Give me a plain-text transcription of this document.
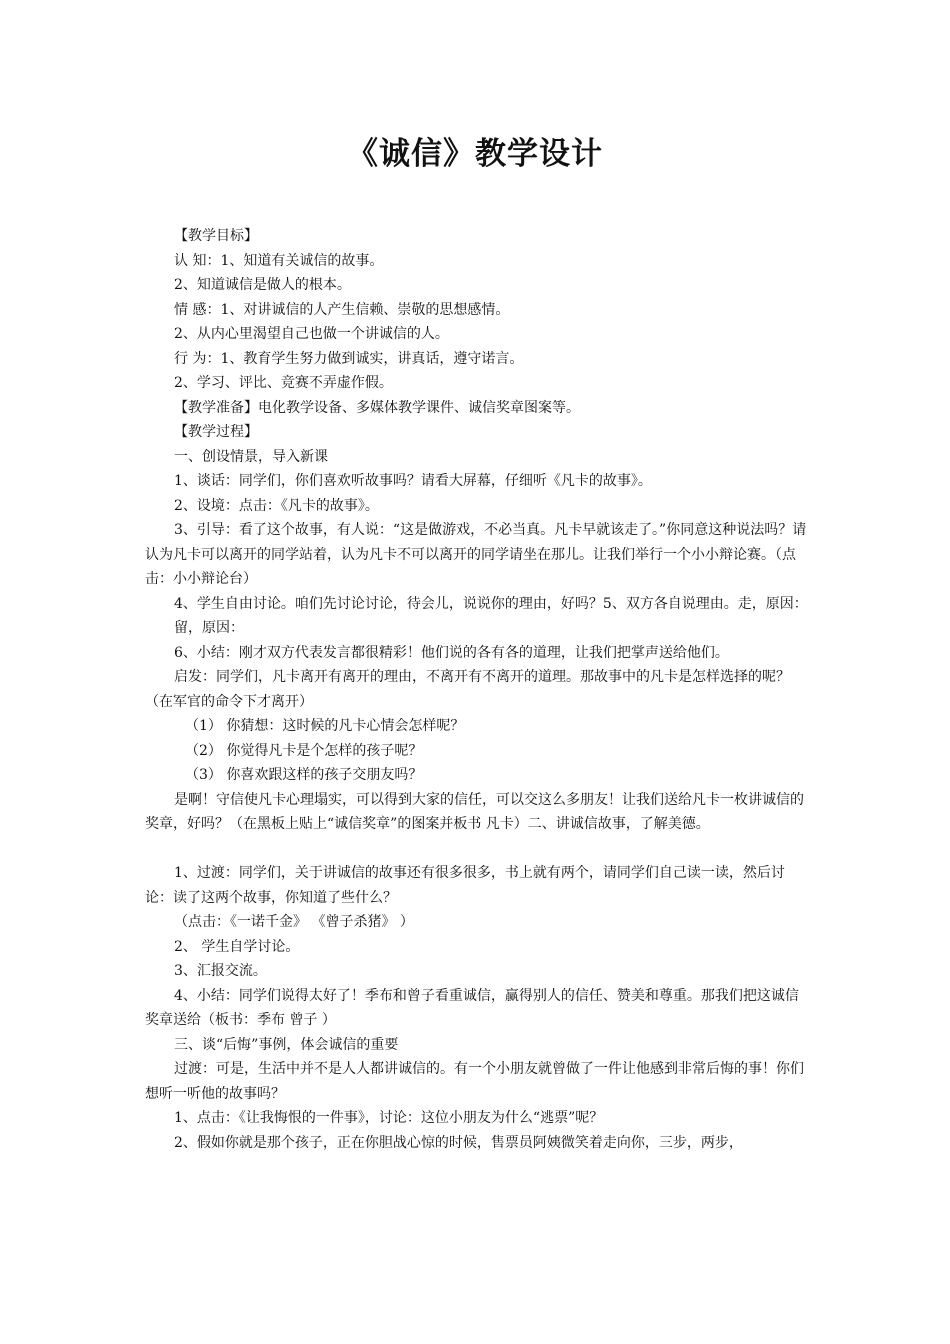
《诚信》教学设计

【教学目标】

认 知：1、知道有关诚信的故事。

2、知道诚信是做人的根本。

情 感：1、对讲诚信的人产生信赖、崇敬的思想感情。

2、从内心里渴望自己也做一个讲诚信的人。

行 为：1、教育学生努力做到诚实，讲真话，遵守诺言。

2、学习、评比、竞赛不弄虚作假。

【教学准备】电化教学设备、多媒体教学课件、诚信奖章图案等。

【教学过程】

一、创设情景，导入新课

1、谈话：同学们，你们喜欢听故事吗？请看大屏幕，仔细听《凡卡的故事》。

2、设境：点击：《凡卡的故事》。

3、引导：看了这个故事，有人说：“这是做游戏，不必当真。凡卡早就该走了。”你同意这种说法吗？请认为凡卡可以离开的同学站着，认为凡卡不可以离开的同学请坐在那儿。让我们举行一个小小辩论赛。（点击：小小辩论台）

4、学生自由讨论。咱们先讨论讨论，待会儿，说说你的理由，好吗？5、双方各自说理由。走，原因：

留，原因：

6、小结：刚才双方代表发言都很精彩！他们说的各有各的道理，让我们把掌声送给他们。

启发：同学们，凡卡离开有离开的理由，不离开有不离开的道理。那故事中的凡卡是怎样选择的呢？（在军官的命令下才离开）

（1） 你猜想：这时候的凡卡心情会怎样呢？

（2） 你觉得凡卡是个怎样的孩子呢？

（3） 你喜欢跟这样的孩子交朋友吗？

是啊！守信使凡卡心理塌实，可以得到大家的信任，可以交这么多朋友！让我们送给凡卡一枚讲诚信的奖章，好吗？（在黑板上贴上“诚信奖章”的图案并板书 凡卡）二、讲诚信故事，了解美德。

1、过渡：同学们，关于讲诚信的故事还有很多很多，书上就有两个，请同学们自己读一读，然后讨论：读了这两个故事，你知道了些什么？

（点击：《一诺千金》 《曾子杀猪》 ）

2、 学生自学讨论。

3、汇报交流。

4、小结：同学们说得太好了！季布和曾子看重诚信，赢得别人的信任、赞美和尊重。那我们把这诚信奖章送给（板书：季布 曾子 ）

三、谈“后悔”事例，体会诚信的重要

过渡：可是，生活中并不是人人都讲诚信的。有一个小朋友就曾做了一件让他感到非常后悔的事！你们想听一听他的故事吗？

1、点击：《让我悔恨的一件事》，讨论：这位小朋友为什么“逃票”呢？

2、假如你就是那个孩子，正在你胆战心惊的时候，售票员阿姨微笑着走向你，三步，两步，
